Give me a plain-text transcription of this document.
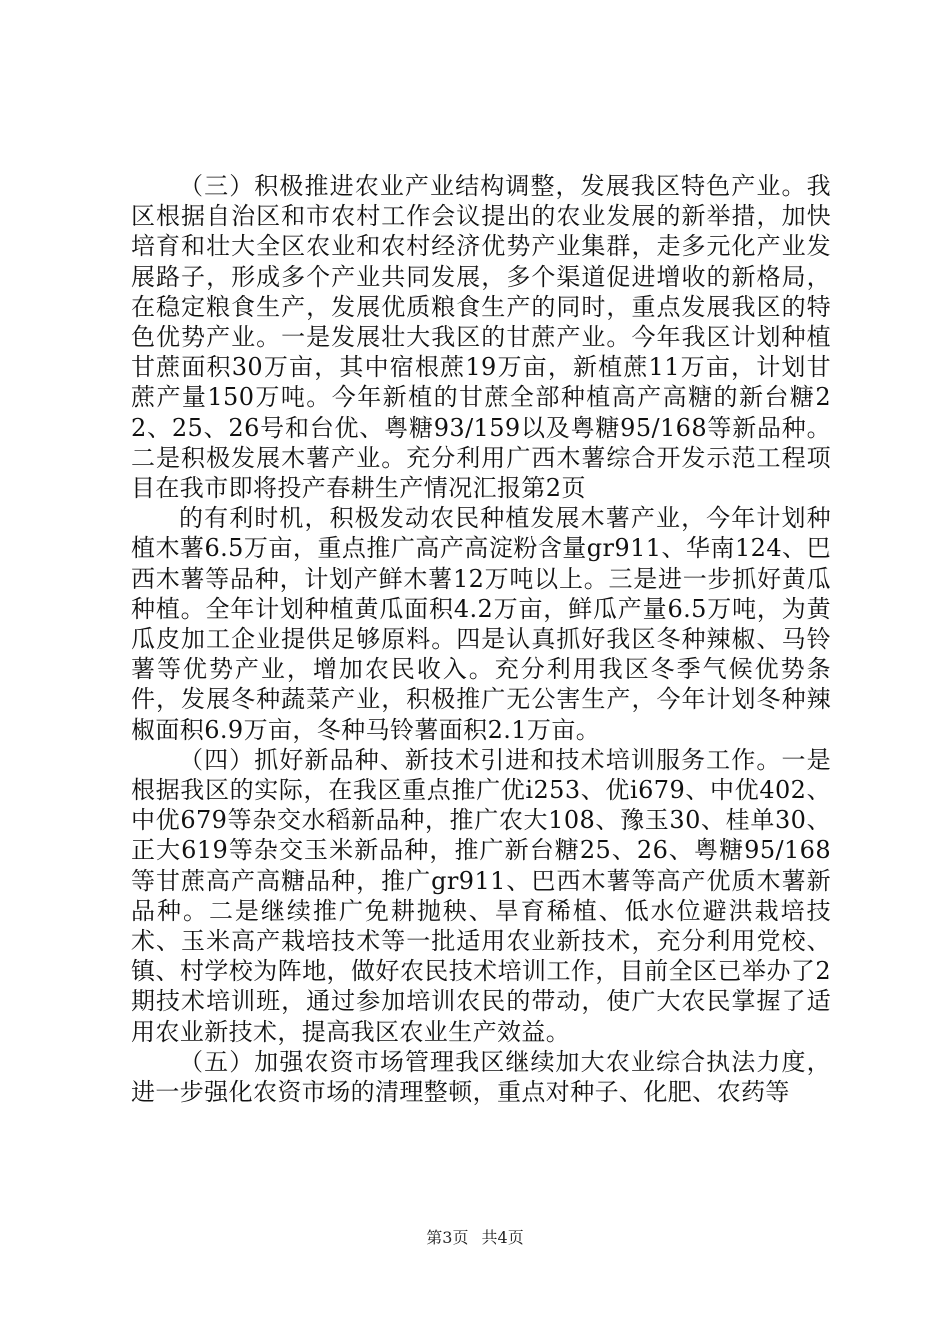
（三）积极推进农业产业结构调整，发展我区特色产业。我区根据自治区和市农村工作会议提出的农业发展的新举措，加快培育和壮大全区农业和农村经济优势产业集群，走多元化产业发展路子，形成多个产业共同发展，多个渠道促进增收的新格局，在稳定粮食生产，发展优质粮食生产的同时，重点发展我区的特色优势产业。一是发展壮大我区的甘蔗产业。今年我区计划种植甘蔗面积30万亩，其中宿根蔗19万亩，新植蔗11万亩，计划甘蔗产量150万吨。今年新植的甘蔗全部种植高产高糖的新台糖22、25、26号和台优、粤糖93/159以及粤糖95/168等新品种。二是积极发展木薯产业。充分利用广西木薯综合开发示范工程项目在我市即将投产春耕生产情况汇报第2页

的有利时机，积极发动农民种植发展木薯产业，今年计划种植木薯6.5万亩，重点推广高产高淀粉含量gr911、华南124、巴西木薯等品种，计划产鲜木薯12万吨以上。三是进一步抓好黄瓜种植。全年计划种植黄瓜面积4.2万亩，鲜瓜产量6.5万吨，为黄瓜皮加工企业提供足够原料。四是认真抓好我区冬种辣椒、马铃薯等优势产业，增加农民收入。充分利用我区冬季气候优势条件，发展冬种蔬菜产业，积极推广无公害生产，今年计划冬种辣椒面积6.9万亩，冬种马铃薯面积2.1万亩。

（四）抓好新品种、新技术引进和技术培训服务工作。一是根据我区的实际，在我区重点推广优i253、优i679、中优402、中优679等杂交水稻新品种，推广农大108、豫玉30、桂单30、正大619等杂交玉米新品种，推广新台糖25、26、粤糖95/168等甘蔗高产高糖品种，推广gr911、巴西木薯等高产优质木薯新品种。二是继续推广免耕抛秧、旱育稀植、低水位避洪栽培技术、玉米高产栽培技术等一批适用农业新技术，充分利用党校、镇、村学校为阵地，做好农民技术培训工作，目前全区已举办了2期技术培训班，通过参加培训农民的带动，使广大农民掌握了适用农业新技术，提高我区农业生产效益。

（五）加强农资市场管理我区继续加大农业综合执法力度，进一步强化农资市场的清理整顿，重点对种子、化肥、农药等

第3页 共4页
